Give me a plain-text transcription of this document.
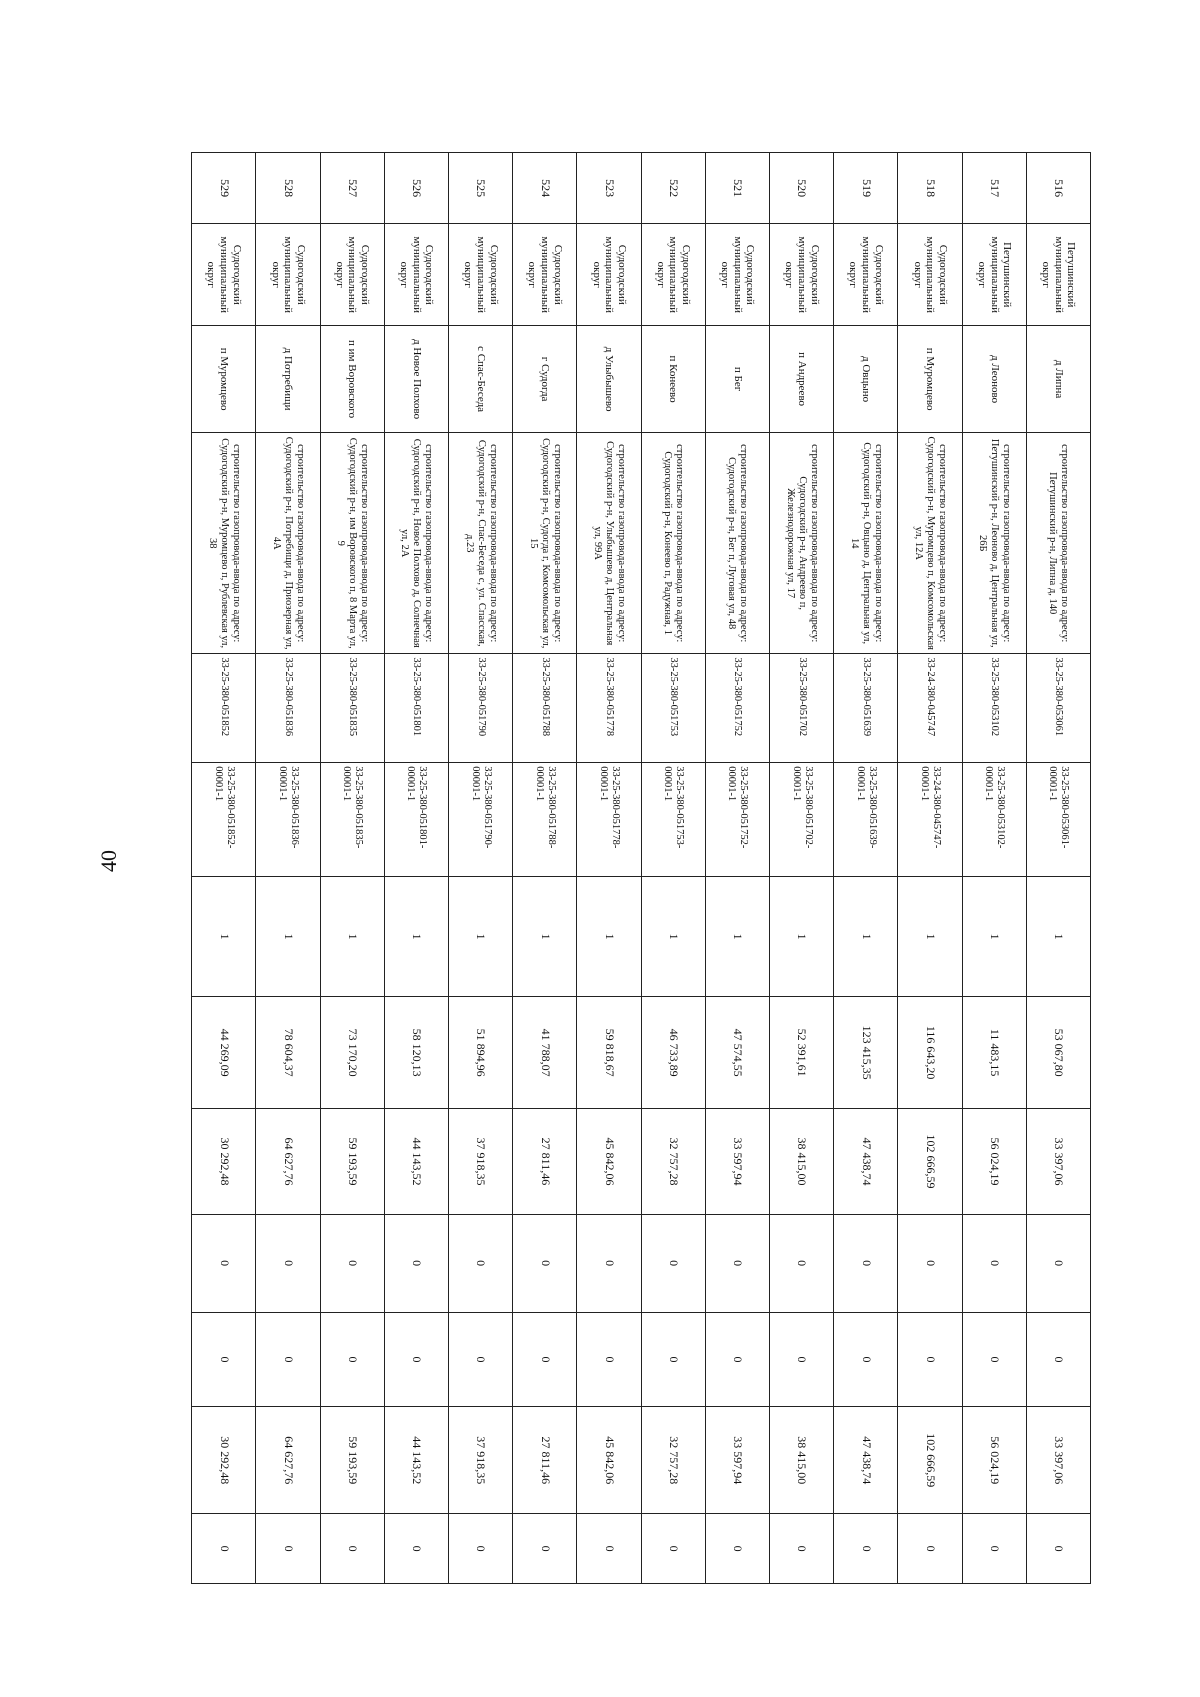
40
516	Петушинский муниципальный округ	д Липна	строительство газопровода-ввода по адресу: Петушинский р-н, Липна д, 140	33-25-380-053061	33-25-380-053061-00001-1	1	53 067,80	33 397,06	0	0	33 397,06	0
517	Петушинский муниципальный округ	д Леоново	строительство газопровода-ввода по адресу: Петушинский р-н, Леоново д, Центральная ул, 26Б	33-25-380-053102	33-25-380-053102-00001-1	1	11 483,15	56 024,19	0	0	56 024,19	0
518	Судогодский муниципальный округ	п Муромцево	строительство газопровода-ввода по адресу: Судогодский р-н, Муромцево п, Комсомольская ул, 12А	33-24-380-045747	33-24-380-045747-00001-1	1	116 643,20	102 666,59	0	0	102 666,59	0
519	Судогодский муниципальный округ	д Овцыно	строительство газопровода-ввода по адресу: Судогодский р-н, Овцыно д, Центральная ул, 14	33-25-380-051639	33-25-380-051639-00001-1	1	123 415,35	47 438,74	0	0	47 438,74	0
520	Судогодский муниципальный округ	п Андреево	строительство газопровода-ввода по адресу: Судогодский р-н, Андреево п, Железнодорожная ул, 17	33-25-380-051702	33-25-380-051702-00001-1	1	52 391,61	38 415,00	0	0	38 415,00	0
521	Судогодский муниципальный округ	п Бег	строительство газопровода-ввода по адресу: Судогодский р-н, Бег п, Луговая ул, 48	33-25-380-051752	33-25-380-051752-00001-1	1	47 574,55	33 597,94	0	0	33 597,94	0
522	Судогодский муниципальный округ	п Конеево	строительство газопровода-ввода по адресу: Судогодский р-н, Конеево п, Радужная, 1	33-25-380-051753	33-25-380-051753-00001-1	1	46 733,89	32 757,28	0	0	32 757,28	0
523	Судогодский муниципальный округ	д Улыбышево	строительство газопровода-ввода по адресу: Судогодский р-н, Улыбышево д, Центральная ул, 99А	33-25-380-051778	33-25-380-051778-00001-1	1	59 818,67	45 842,06	0	0	45 842,06	0
524	Судогодский муниципальный округ	г Судогда	строительство газопровода-ввода по адресу: Судогодский р-н, Судогда г, Комсомольская ул, 15	33-25-380-051788	33-25-380-051788-00001-1	1	41 788,07	27 811,46	0	0	27 811,46	0
525	Судогодский муниципальный округ	с Спас-Беседа	строительство газопровода-ввода по адресу: Судогодский р-н, Спас-Беседа с, ул. Спасская, д.23	33-25-380-051790	33-25-380-051790-00001-1	1	51 894,96	37 918,35	0	0	37 918,35	0
526	Судогодский муниципальный округ	д Новое Полхово	строительство газопровода-ввода по адресу: Судогодский р-н, Новое Полхово д, Солнечная ул, 2А	33-25-380-051801	33-25-380-051801-00001-1	1	58 120,13	44 143,52	0	0	44 143,52	0
527	Судогодский муниципальный округ	п им Воровского	строительство газопровода-ввода по адресу: Судогодский р-н, им Воровского п, 8 Марта ул, 9	33-25-380-051835	33-25-380-051835-00001-1	1	73 170,20	59 193,59	0	0	59 193,59	0
528	Судогодский муниципальный округ	д Потребищи	строительство газопровода-ввода по адресу: Судогодский р-н, Потребищи д, Приозерная ул, 4А	33-25-380-051836	33-25-380-051836-00001-1	1	78 604,37	64 627,76	0	0	64 627,76	0
529	Судогодский муниципальный округ	п Муромцево	строительство газопровода-ввода по адресу: Судогодский р-н, Муромцево п, Рублевская ул, 38	33-25-380-051852	33-25-380-051852-00001-1	1	44 269,09	30 292,48	0	0	30 292,48	0
